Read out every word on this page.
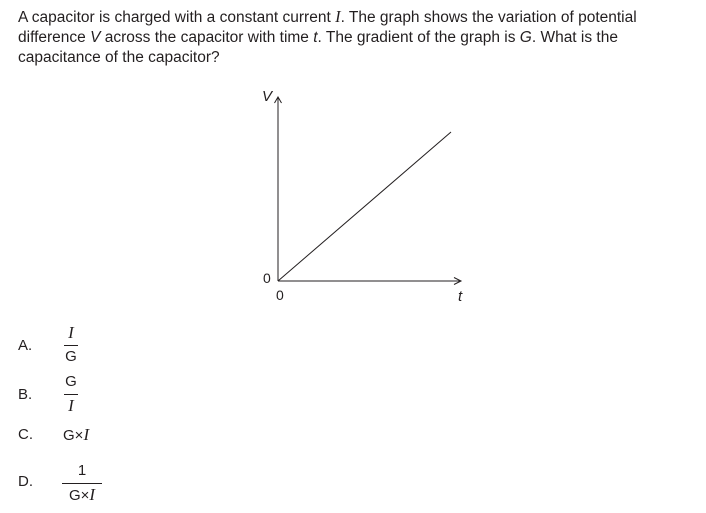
A capacitor is charged with a constant current I. The graph shows the variation of potential difference V across the capacitor with time t. The gradient of the graph is G. What is the capacitance of the capacitor?
V
t
0
0
A.
I
G
B.
G
I
C. G×I
D.
1
G×I
